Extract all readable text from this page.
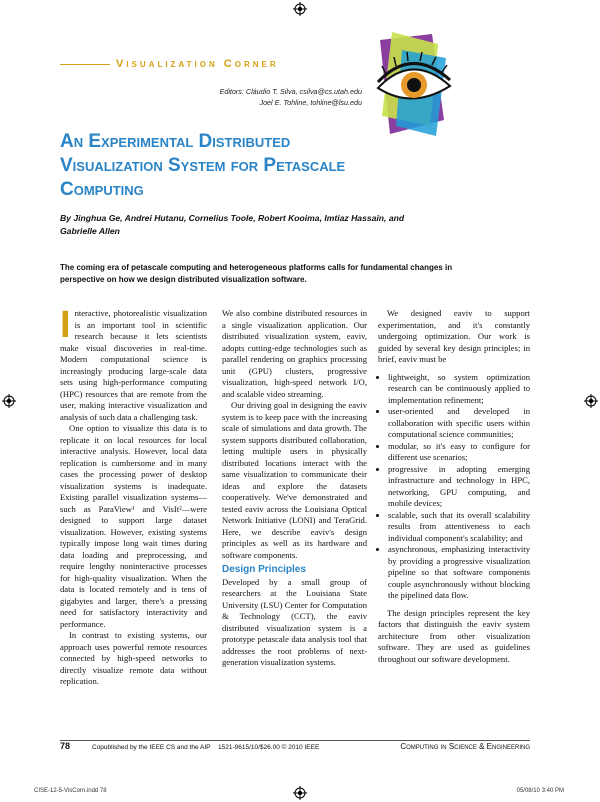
Visualization Corner
Editors: Cláudio T. Silva, csilva@cs.utah.edu
Joel E. Tohline, tohline@lsu.edu
An Experimental Distributed Visualization System for Petascale Computing
By Jinghua Ge, Andrei Hutanu, Cornelius Toole, Robert Kooima, Imtiaz Hassain, and Gabrielle Allen
The coming era of petascale computing and heterogeneous platforms calls for fundamental changes in perspective on how we design distributed visualization software.

Interactive, photorealistic visualization is an important tool in scientific research because it lets scientists make visual discoveries in real-time. Modern computational science is increasingly producing large-scale data sets using high-performance computing (HPC) resources that are remote from the user, making interactive visualization and analysis of such data a challenging task.

One option to visualize this data is to replicate it on local resources for local interactive analysis. However, local data replication is cumbersome and in many cases the processing power of desktop visualization systems is inadequate. Existing parallel visualization systems—such as ParaView¹ and VisIt²—were designed to support large dataset visualization. However, existing systems typically impose long wait times during data loading and preprocessing, and require lengthy noninteractive processes for high-quality visualization. When the data is located remotely and is tens of gigabytes and larger, there's a pressing need for satisfactory interactivity and performance.

In contrast to existing systems, our approach uses powerful remote resources connected by high-speed networks to directly visualize remote data without replication.

We also combine distributed resources in a single visualization application. Our distributed visualization system, eaviv, adopts cutting-edge technologies such as parallel rendering on graphics processing unit (GPU) clusters, progressive visualization, high-speed network I/O, and scalable video streaming.

Our driving goal in designing the eaviv system is to keep pace with the increasing scale of simulations and data growth. The system supports distributed collaboration, letting multiple users in physically distributed locations interact with the same visualization to communicate their ideas and explore the datasets cooperatively. We've demonstrated and tested eaviv across the Louisiana Optical Network Initiative (LONI) and TeraGrid. Here, we describe eaviv's design principles as well as its hardware and software components.

Design Principles

Developed by a small group of researchers at the Louisiana State University (LSU) Center for Computation & Technology (CCT), the eaviv distributed visualization system is a prototype petascale data analysis tool that addresses the root problems of next-generation visualization systems.

We designed eaviv to support experimentation, and it's constantly undergoing optimization. Our work is guided by several key design principles; in brief, eaviv must be

• lightweight, so system optimization research can be continuously applied to implementation refinement;
• user-oriented and developed in collaboration with specific users within computational science communities;
• modular, so it's easy to configure for different use scenarios;
• progressive in adopting emerging infrastructure and technology in HPC, networking, GPU computing, and mobile devices;
• scalable, such that its overall scalability results from attentiveness to each individual component's scalability; and
• asynchronous, emphasizing interactivity by providing a progressive visualization pipeline so that software components couple asynchronously without blocking the pipelined data flow.

The design principles represent the key factors that distinguish the eaviv system architecture from other visualization software. They are used as guidelines throughout our software development.

78	Copublished by the IEEE CS and the AIP 1521-9615/10/$26.00 © 2010 IEEE	Computing in Science & Engineering
CISE-12-5-VisCorn.indd 78	05/08/10 3:40 PM
